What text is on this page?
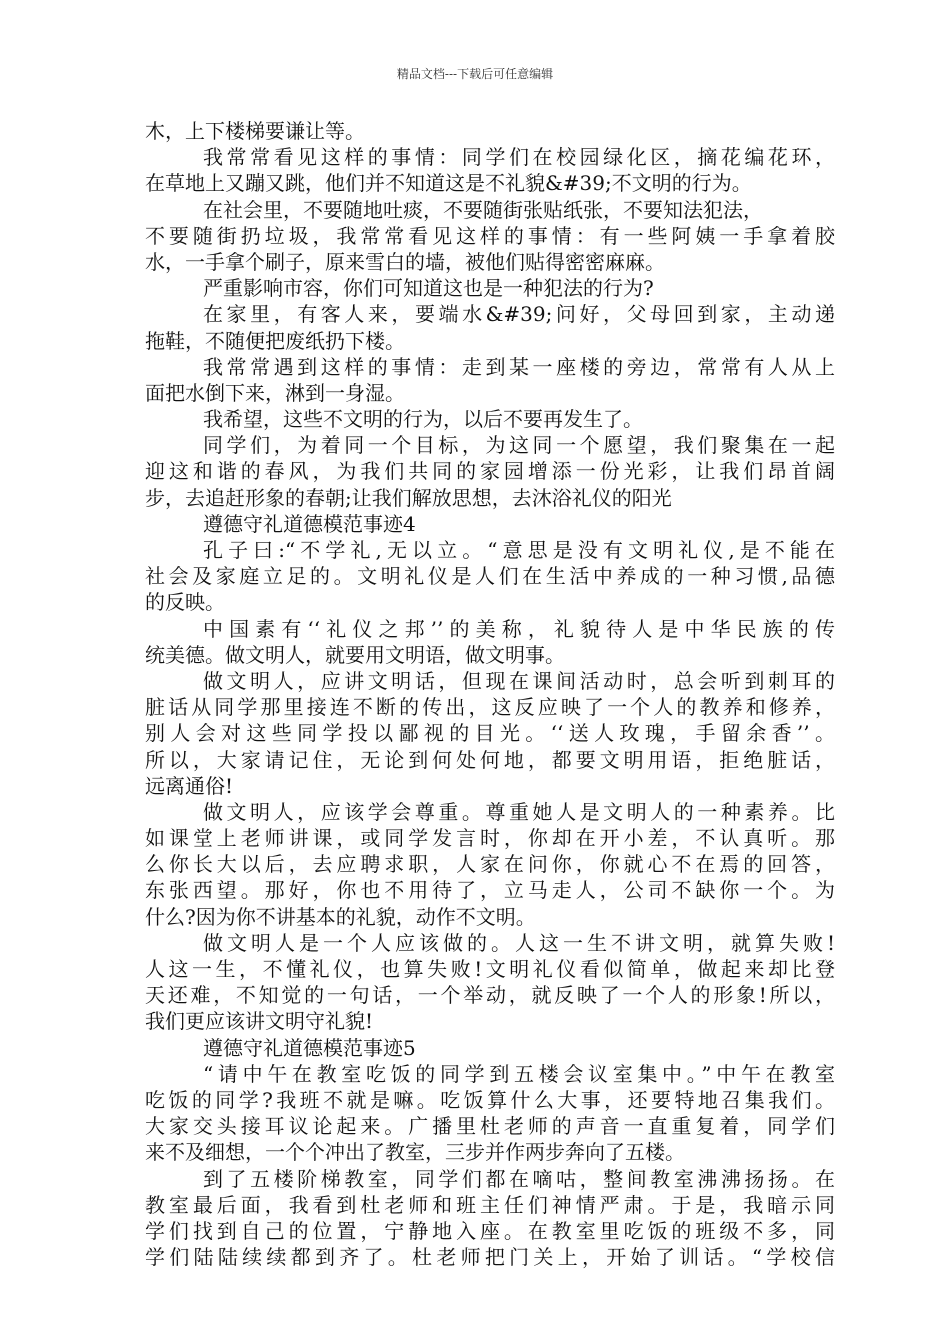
精品文档---下载后可任意编辑
木，上下楼梯要谦让等。
我常常看见这样的事情：同学们在校园绿化区，摘花编花环，
在草地上又蹦又跳，他们并不知道这是不礼貌&#39;不文明的行为。
在社会里，不要随地吐痰，不要随街张贴纸张，不要知法犯法，
不要随街扔垃圾，我常常看见这样的事情：有一些阿姨一手拿着胶
水，一手拿个刷子，原来雪白的墙，被他们贴得密密麻麻。
严重影响市容，你们可知道这也是一种犯法的行为?
在家里，有客人来，要端水&#39;问好，父母回到家，主动递
拖鞋，不随便把废纸扔下楼。
我常常遇到这样的事情：走到某一座楼的旁边，常常有人从上
面把水倒下来，淋到一身湿。
我希望，这些不文明的行为，以后不要再发生了。
同学们，为着同一个目标，为这同一个愿望，我们聚集在一起
迎这和谐的春风，为我们共同的家园增添一份光彩，让我们昂首阔
步，去追赶形象的春朝;让我们解放思想，去沐浴礼仪的阳光
遵德守礼道德模范事迹4
孔子曰:“不学礼,无以立。“意思是没有文明礼仪,是不能在
社会及家庭立足的。文明礼仪是人们在生活中养成的一种习惯,品德
的反映。
中国素有‘‘礼仪之邦’’的美称，礼貌待人是中华民族的传
统美德。做文明人，就要用文明语，做文明事。
做文明人，应讲文明话，但现在课间活动时，总会听到刺耳的
脏话从同学那里接连不断的传出，这反应映了一个人的教养和修养，
别人会对这些同学投以鄙视的目光。‘‘送人玫瑰，手留余香’’。
所以，大家请记住，无论到何处何地，都要文明用语，拒绝脏话，
远离通俗!
做文明人，应该学会尊重。尊重她人是文明人的一种素养。比
如课堂上老师讲课，或同学发言时，你却在开小差，不认真听。那
么你长大以后，去应聘求职，人家在问你，你就心不在焉的回答，
东张西望。那好，你也不用待了，立马走人，公司不缺你一个。为
什么?因为你不讲基本的礼貌，动作不文明。
做文明人是一个人应该做的。人这一生不讲文明，就算失败!
人这一生，不懂礼仪，也算失败!文明礼仪看似简单，做起来却比登
天还难，不知觉的一句话，一个举动，就反映了一个人的形象!所以，
我们更应该讲文明守礼貌!
遵德守礼道德模范事迹5
“请中午在教室吃饭的同学到五楼会议室集中。”中午在教室
吃饭的同学?我班不就是嘛。吃饭算什么大事，还要特地召集我们。
大家交头接耳议论起来。广播里杜老师的声音一直重复着，同学们
来不及细想，一个个冲出了教室，三步并作两步奔向了五楼。
到了五楼阶梯教室，同学们都在嘀咕，整间教室沸沸扬扬。在
教室最后面，我看到杜老师和班主任们神情严肃。于是，我暗示同
学们找到自己的位置，宁静地入座。在教室里吃饭的班级不多，同
学们陆陆续续都到齐了。杜老师把门关上，开始了训话。“学校信
